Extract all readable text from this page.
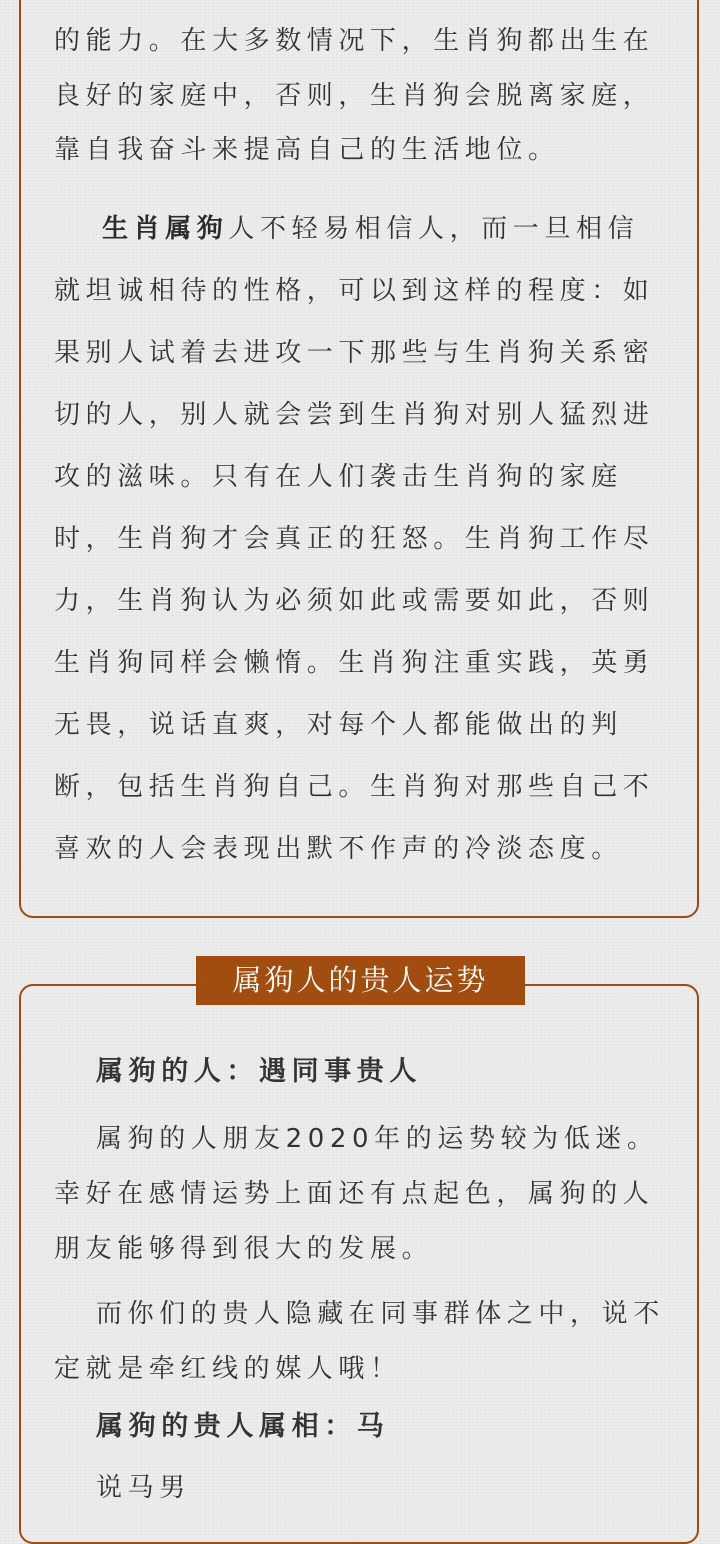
的能力。在大多数情况下，生肖狗都出生在良好的家庭中，否则，生肖狗会脱离家庭，靠自我奋斗来提高自己的生活地位。

生肖属狗人不轻易相信人，而一旦相信就坦诚相待的性格，可以到这样的程度：如果别人试着去进攻一下那些与生肖狗关系密切的人，别人就会尝到生肖狗对别人猛烈进攻的滋味。只有在人们袭击生肖狗的家庭时，生肖狗才会真正的狂怒。生肖狗工作尽力，生肖狗认为必须如此或需要如此，否则生肖狗同样会懒惰。生肖狗注重实践，英勇无畏，说话直爽，对每个人都能做出的判断，包括生肖狗自己。生肖狗对那些自己不喜欢的人会表现出默不作声的冷淡态度。

属狗人的贵人运势

属狗的人：遇同事贵人

属狗的人朋友2020年的运势较为低迷。幸好在感情运势上面还有点起色，属狗的人朋友能够得到很大的发展。

而你们的贵人隐藏在同事群体之中，说不定就是牵红线的媒人哦！

属狗的贵人属相：马

说马男
